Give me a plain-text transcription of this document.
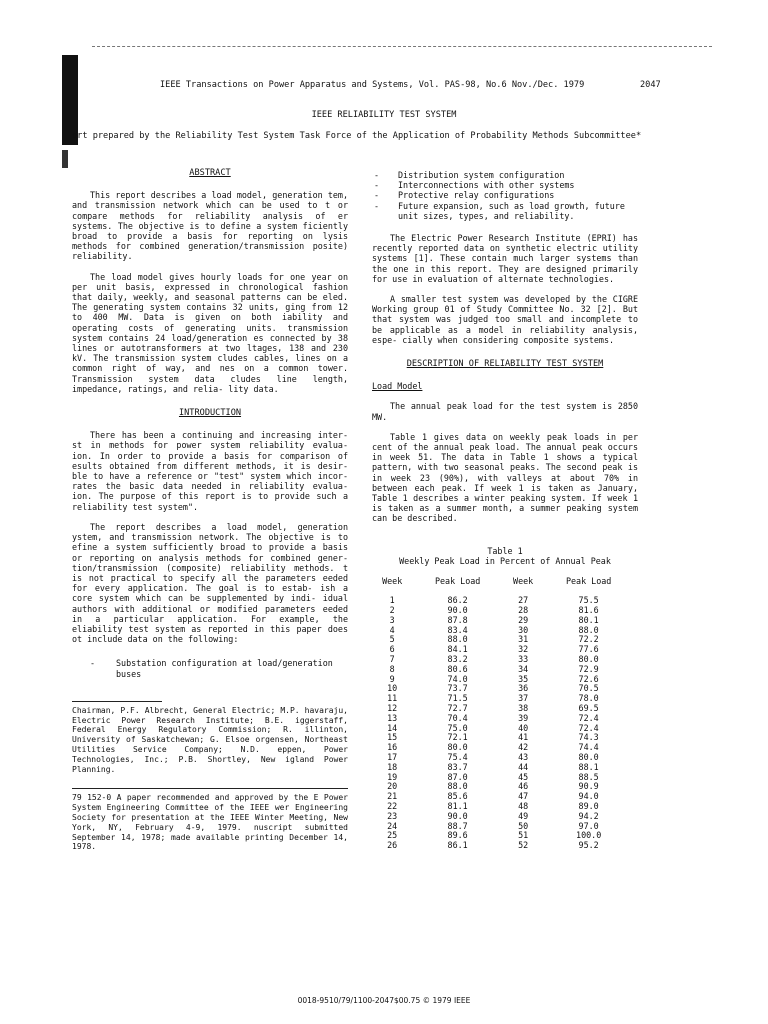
IEEE Transactions on Power Apparatus and Systems, Vol. PAS-98, No.6 Nov./Dec. 1979	2047
IEEE RELIABILITY TEST SYSTEM
ort prepared by the Reliability Test System Task Force of the Application of Probability Methods Subcommittee*
ABSTRACT

This report describes a load model, generation tem, and transmission network which can be used to t or compare methods for reliability analysis of er systems. The objective is to define a system ficiently broad to provide a basis for reporting on lysis methods for combined generation/transmission posite) reliability.

The load model gives hourly loads for one year on per unit basis, expressed in chronological fashion that daily, weekly, and seasonal patterns can be eled. The generating system contains 32 units, ging from 12 to 400 MW. Data is given on both iability and operating costs of generating units. transmission system contains 24 load/generation es connected by 38 lines or autotransformers at two ltages, 138 and 230 kV. The transmission system cludes cables, lines on a common right of way, and nes on a common tower. Transmission system data cludes line length, impedance, ratings, and relia- lity data.

INTRODUCTION

There has been a continuing and increasing inter- st in methods for power system reliability evalua- ion. In order to provide a basis for comparison of esults obtained from different methods, it is desir- ble to have a reference or "test" system which incor- rates the basic data needed in reliability evalua- ion. The purpose of this report is to provide such a reliability test system".

The report describes a load model, generation ystem, and transmission network. The objective is to efine a system sufficiently broad to provide a basis or reporting on analysis methods for combined gener- tion/transmission (composite) reliability methods. t is not practical to specify all the parameters eeded for every application. The goal is to estab- ish a core system which can be supplemented by indi- idual authors with additional or modified parameters eeded in a particular application. For example, the eliability test system as reported in this paper does ot include data on the following:

- Substation configuration at load/generation buses
Chairman, P.F. Albrecht, General Electric; M.P. havaraju, Electric Power Research Institute; B.E. iggerstaff, Federal Energy Regulatory Commission; R. illinton, University of Saskatchewan; G. Elsoe orgensen, Northeast Utilities Service Company; N.D. eppen, Power Technologies, Inc.; P.B. Shortley, New igland Power Planning.
79 152-0 A paper recommended and approved by the E Power System Engineering Committee of the IEEE wer Engineering Society for presentation at the IEEE Winter Meeting, New York, NY, February 4-9, 1979. nuscript submitted September 14, 1978; made available printing December 14, 1978.
- Distribution system configuration
- Interconnections with other systems
- Protective relay configurations
- Future expansion, such as load growth, future unit sizes, types, and reliability.

The Electric Power Research Institute (EPRI) has recently reported data on synthetic electric utility systems [1]. These contain much larger systems than the one in this report. They are designed primarily for use in evaluation of alternate technologies.

A smaller test system was developed by the CIGRE Working group 01 of Study Committee No. 32 [2]. But that system was judged too small and incomplete to be applicable as a model in reliability analysis, espe- cially when considering composite systems.

DESCRIPTION OF RELIABILITY TEST SYSTEM
Load Model

The annual peak load for the test system is 2850 MW.

Table 1 gives data on weekly peak loads in per cent of the annual peak load. The annual peak occurs in week 51. The data in Table 1 shows a typical pattern, with two seasonal peaks. The second peak is in week 23 (90%), with valleys at about 70% in between each peak. If week 1 is taken as January, Table 1 describes a winter peaking system. If week 1 is taken as a summer month, a summer peaking system can be described.

Table 1
Weekly Peak Load in Percent of Annual Peak
Week	Peak Load	Week	Peak Load
1	86.2	27	75.5
2	90.0	28	81.6
3	87.8	29	80.1
4	83.4	30	88.0
5	88.0	31	72.2
6	84.1	32	77.6
7	83.2	33	80.0
8	80.6	34	72.9
9	74.0	35	72.6
10	73.7	36	70.5
11	71.5	37	78.0
12	72.7	38	69.5
13	70.4	39	72.4
14	75.0	40	72.4
15	72.1	41	74.3
16	80.0	42	74.4
17	75.4	43	80.0
18	83.7	44	88.1
19	87.0	45	88.5
20	88.0	46	90.9
21	85.6	47	94.0
22	81.1	48	89.0
23	90.0	49	94.2
24	88.7	50	97.0
25	89.6	51	100.0
26	86.1	52	95.2
0018-9510/79/1100-2047$00.75 © 1979 IEEE
